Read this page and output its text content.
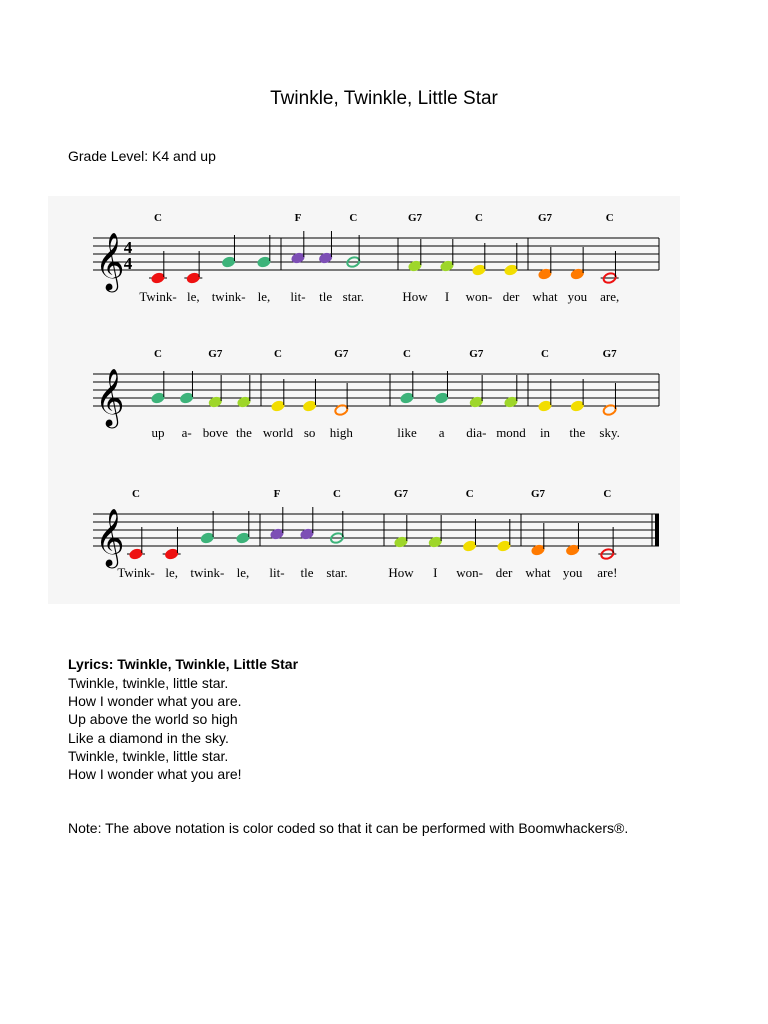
Twinkle, Twinkle, Little Star
Grade Level: K4 and up
𝄞 4
4
Twink- le, twink- le,
C
lit- tle star.
F	C
How I won- der
G7	C
what you are,
G7	C
𝄞
up a- bove the
C	G7
world so high
C	G7
like a dia- mond
C	G7
in the sky.
C	G7
𝄞
Twink- le, twink- le,
C
lit- tle star.
F	C
How I won- der
G7	C
what you are!
G7	C
Lyrics: Twinkle, Twinkle, Little Star
Twinkle, twinkle, little star.
How I wonder what you are.
Up above the world so high
Like a diamond in the sky.
Twinkle, twinkle, little star.
How I wonder what you are!
Note: The above notation is color coded so that it can be performed with Boomwhackers®.
